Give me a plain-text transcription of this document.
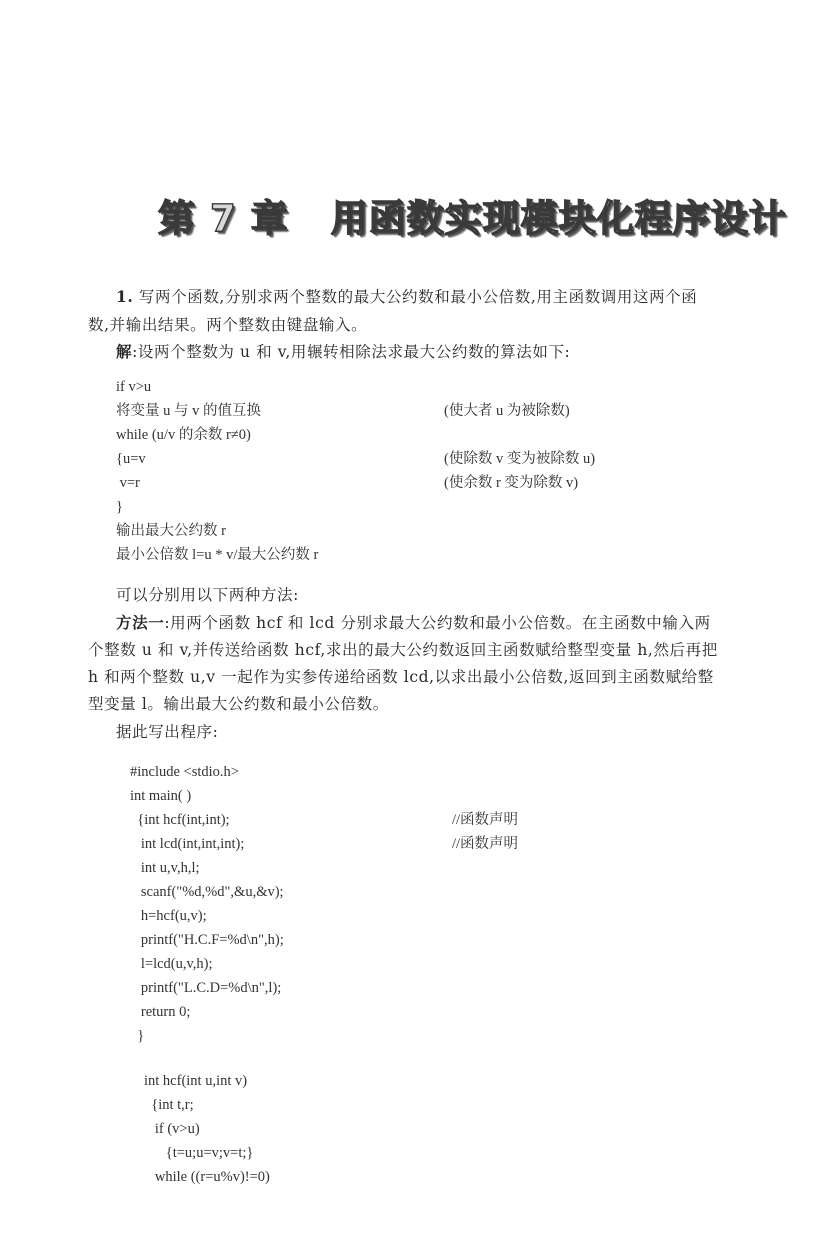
第 7 章 用函数实现模块化程序设计
1. 写两个函数,分别求两个整数的最大公约数和最小公倍数,用主函数调用这两个函
数,并输出结果。两个整数由键盘输入。
解:设两个整数为 u 和 v,用辗转相除法求最大公约数的算法如下:
if v>u
将变量 u 与 v 的值互换
while (u/v 的余数 r≠0)
{u=v
v=r
}
输出最大公约数 r
最小公倍数 l=u * v/最大公约数 r
(使大者 u 为被除数)
(使除数 v 变为被除数 u)
(使余数 r 变为除数 v)
可以分别用以下两种方法:
方法一:用两个函数 hcf 和 lcd 分别求最大公约数和最小公倍数。在主函数中输入两
个整数 u 和 v,并传送给函数 hcf,求出的最大公约数返回主函数赋给整型变量 h,然后再把
h 和两个整数 u,v 一起作为实参传递给函数 lcd,以求出最小公倍数,返回到主函数赋给整
型变量 l。输出最大公约数和最小公倍数。
据此写出程序:
#include <stdio.h>
int main( )
{int hcf(int,int);
int lcd(int,int,int);
int u,v,h,l;
scanf("%d,%d",&u,&v);
h=hcf(u,v);
printf("H.C.F=%d\n",h);
l=lcd(u,v,h);
printf("L.C.D=%d\n",l);
return 0;
}
int hcf(int u,int v)
{int t,r;
if (v>u)
{t=u;u=v;v=t;}
while ((r=u%v)!=0)
//函数声明
//函数声明
